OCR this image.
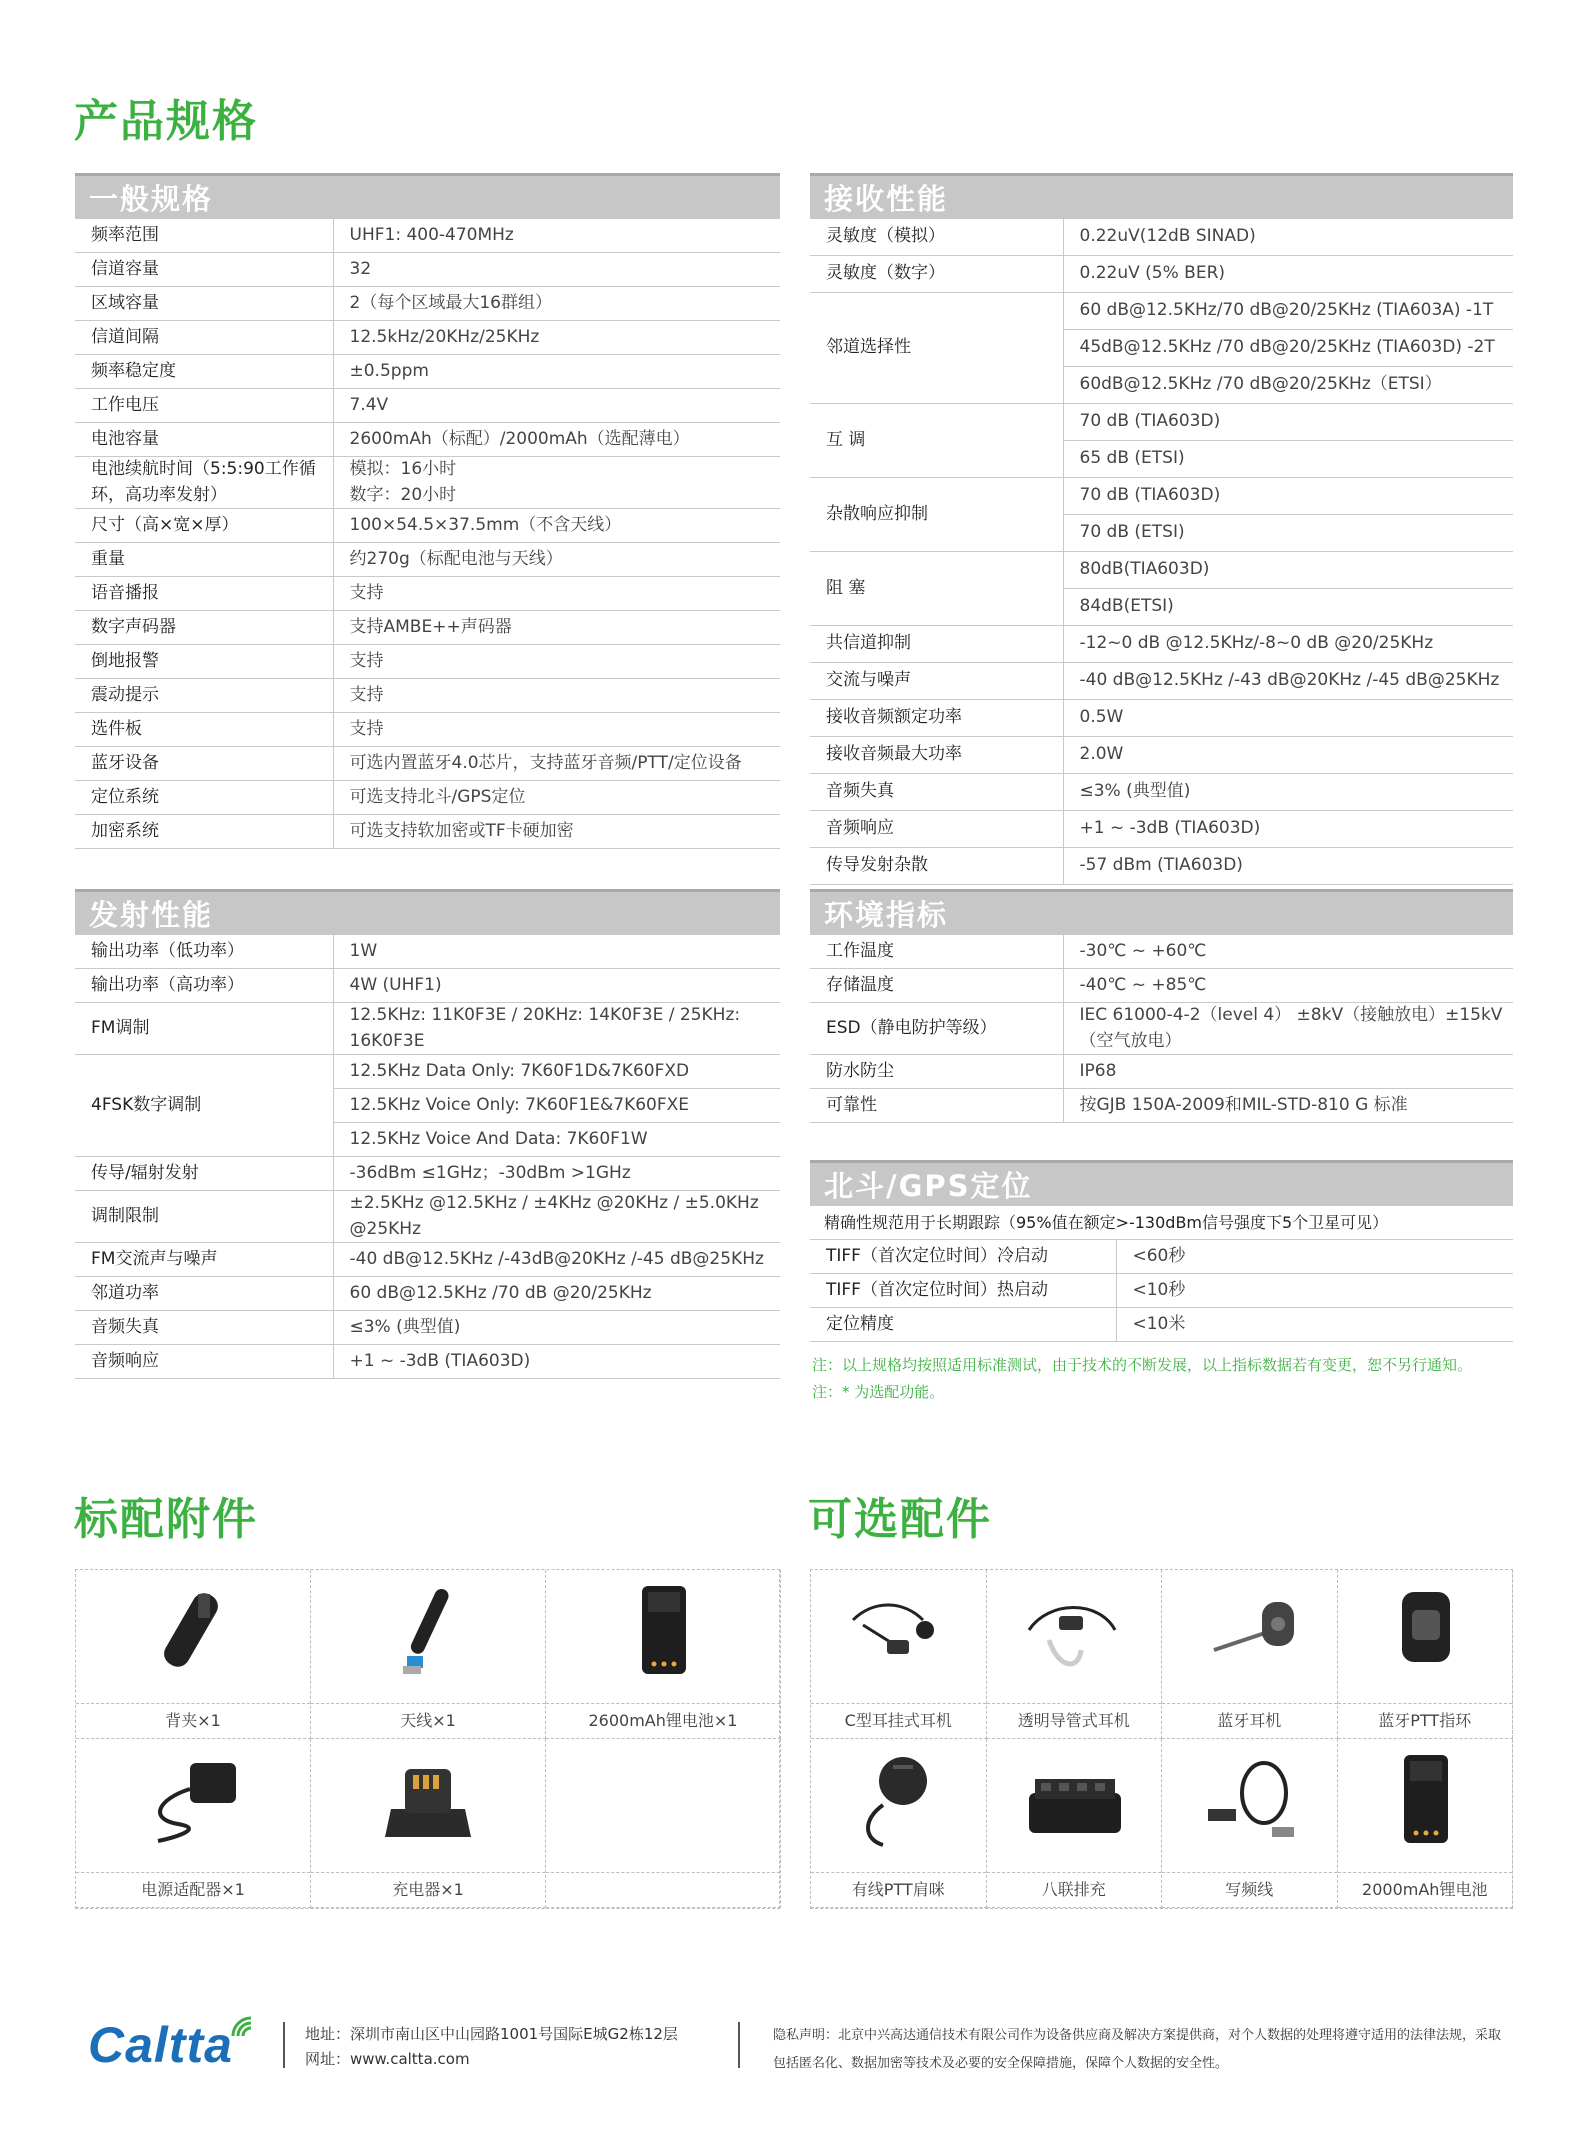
产品规格
一般规格
频率范围	UHF1: 400-470MHz
信道容量	32
区域容量	2（每个区域最大16群组）
信道间隔	12.5kHz/20KHz/25KHz
频率稳定度	±0.5ppm
工作电压	7.4V
电池容量	2600mAh（标配）/2000mAh（选配薄电）
电池续航时间（5:5:90工作循环，高功率发射）	模拟：16小时
数字：20小时
尺寸（高×宽×厚）	100×54.5×37.5mm（不含天线）
重量	约270g（标配电池与天线）
语音播报	支持
数字声码器	支持AMBE++声码器
倒地报警	支持
震动提示	支持
选件板	支持
蓝牙设备	可选内置蓝牙4.0芯片，支持蓝牙音频/PTT/定位设备
定位系统	可选支持北斗/GPS定位
加密系统	可选支持软加密或TF卡硬加密
发射性能
输出功率（低功率）	1W
输出功率（高功率）	4W (UHF1)
FM调制	12.5KHz: 11K0F3E / 20KHz: 14K0F3E / 25KHz: 16K0F3E
4FSK数字调制	12.5KHz Data Only: 7K60F1D&7K60FXD
	12.5KHz Voice Only: 7K60F1E&7K60FXE
	12.5KHz Voice And Data: 7K60F1W
传导/辐射发射	-36dBm ≤1GHz；-30dBm >1GHz
调制限制	±2.5KHz @12.5KHz / ±4KHz @20KHz / ±5.0KHz @25KHz
FM交流声与噪声	-40 dB@12.5KHz /-43dB@20KHz /-45 dB@25KHz
邻道功率	60 dB@12.5KHz /70 dB @20/25KHz
音频失真	≤3% (典型值)
音频响应	+1 ~ -3dB (TIA603D)
接收性能
灵敏度（模拟）	0.22uV(12dB SINAD)
灵敏度（数字）	0.22uV (5% BER)
邻道选择性	60 dB@12.5KHz/70 dB@20/25KHz (TIA603A) -1T
	45dB@12.5KHz /70 dB@20/25KHz (TIA603D) -2T
	60dB@12.5KHz /70 dB@20/25KHz（ETSI）
互 调	70 dB (TIA603D)
	65 dB (ETSI)
杂散响应抑制	70 dB (TIA603D)
	70 dB (ETSI)
阻 塞	80dB(TIA603D)
	84dB(ETSI)
共信道抑制	-12~0 dB @12.5KHz/-8~0 dB @20/25KHz
交流与噪声	-40 dB@12.5KHz /-43 dB@20KHz /-45 dB@25KHz
接收音频额定功率	0.5W
接收音频最大功率	2.0W
音频失真	≤3% (典型值)
音频响应	+1 ~ -3dB (TIA603D)
传导发射杂散	-57 dBm (TIA603D)
环境指标
工作温度	-30℃ ~ +60℃
存储温度	-40℃ ~ +85℃
ESD（静电防护等级）	IEC 61000-4-2（level 4） ±8kV（接触放电）±15kV（空气放电）
防水防尘	IP68
可靠性	按GJB 150A-2009和MIL-STD-810 G 标准
北斗/GPS定位
精确性规范用于长期跟踪（95%值在额定>-130dBm信号强度下5个卫星可见）
TIFF（首次定位时间）冷启动	<60秒
TIFF（首次定位时间）热启动	<10秒
定位精度	<10米
注：以上规格均按照适用标准测试，由于技术的不断发展，以上指标数据若有变更，恕不另行通知。
注：* 为选配功能。
标配附件	可选配件
背夹×1	天线×1	2600mAh锂电池×1
电源适配器×1	充电器×1
C型耳挂式耳机	透明导管式耳机	蓝牙耳机	蓝牙PTT指环
有线PTT肩咪	八联排充	写频线	2000mAh锂电池
Caltta	地址：深圳市南山区中山园路1001号国际E城G2栋12层
网址：www.caltta.com
隐私声明：北京中兴高达通信技术有限公司作为设备供应商及解决方案提供商，对个人数据的处理将遵守适用的法律法规，采取包括匿名化、数据加密等技术及必要的安全保障措施，保障个人数据的安全性。
